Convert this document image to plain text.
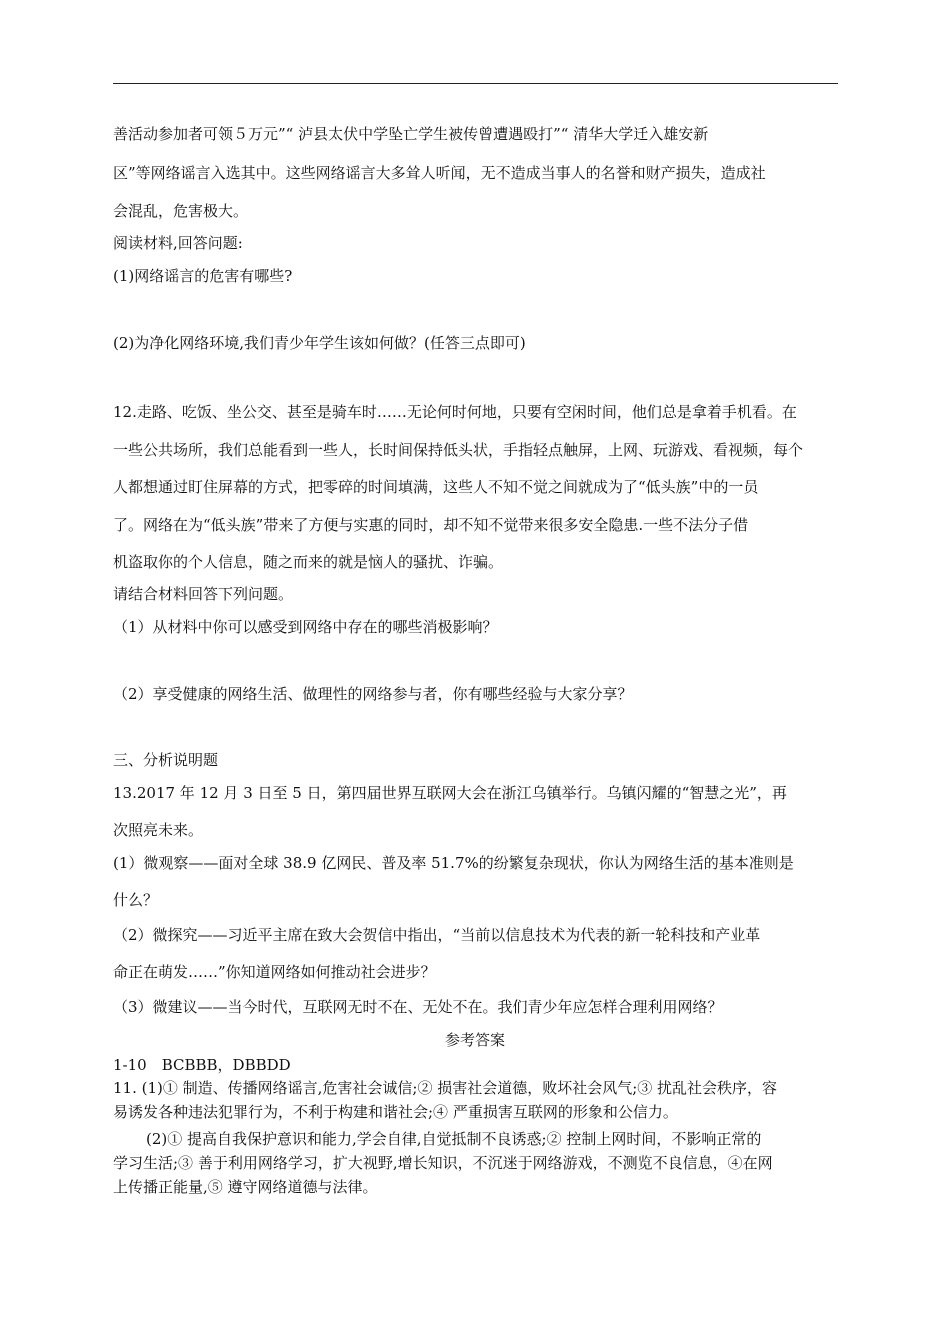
善活动参加者可领５万元”“ 泸县太伏中学坠亡学生被传曾遭遇殴打”“ 清华大学迁入雄安新
区”等网络谣言入选其中。这些网络谣言大多耸人听闻，无不造成当事人的名誉和财产损失，造成社
会混乱，危害极大。
阅读材料,回答问题:
(1)网络谣言的危害有哪些?
(2)为净化网络环境,我们青少年学生该如何做？(任答三点即可)
12.走路、吃饭、坐公交、甚至是骑车时……无论何时何地，只要有空闲时间，他们总是拿着手机看。在
一些公共场所，我们总能看到一些人，长时间保持低头状，手指轻点触屏，上网、玩游戏、看视频，每个
人都想通过盯住屏幕的方式，把零碎的时间填满，这些人不知不觉之间就成为了“低头族”中的一员
了。网络在为“低头族”带来了方便与实惠的同时，却不知不觉带来很多安全隐患.一些不法分子借
机盗取你的个人信息，随之而来的就是恼人的骚扰、诈骗。
请结合材料回答下列问题。
（1）从材料中你可以感受到网络中存在的哪些消极影响？
（2）享受健康的网络生活、做理性的网络参与者，你有哪些经验与大家分享？
三、分析说明题
13.2017 年 12 月 3 日至 5 日，第四届世界互联网大会在浙江乌镇举行。乌镇闪耀的“智慧之光”，再
次照亮未来。
(1）微观察——面对全球 38.9 亿网民、普及率 51.7%的纷繁复杂现状，你认为网络生活的基本准则是
什么？
（2）微探究——习近平主席在致大会贺信中指出，“当前以信息技术为代表的新一轮科技和产业革
命正在萌发……”你知道网络如何推动社会进步？
（3）微建议——当今时代，互联网无时不在、无处不在。我们青少年应怎样合理利用网络？
参考答案
1-10　BCBBB，DBBDD
11. (1)① 制造、传播网络谣言,危害社会诚信;② 损害社会道德，败坏社会风气;③ 扰乱社会秩序，容
易诱发各种违法犯罪行为，不利于构建和谐社会;④ 严重损害互联网的形象和公信力。
(2)① 提高自我保护意识和能力,学会自律,自觉抵制不良诱惑;② 控制上网时间，不影响正常的
学习生活;③ 善于利用网络学习，扩大视野,增长知识，不沉迷于网络游戏，不测览不良信息，④在网
上传播正能量,⑤ 遵守网络道德与法律。
